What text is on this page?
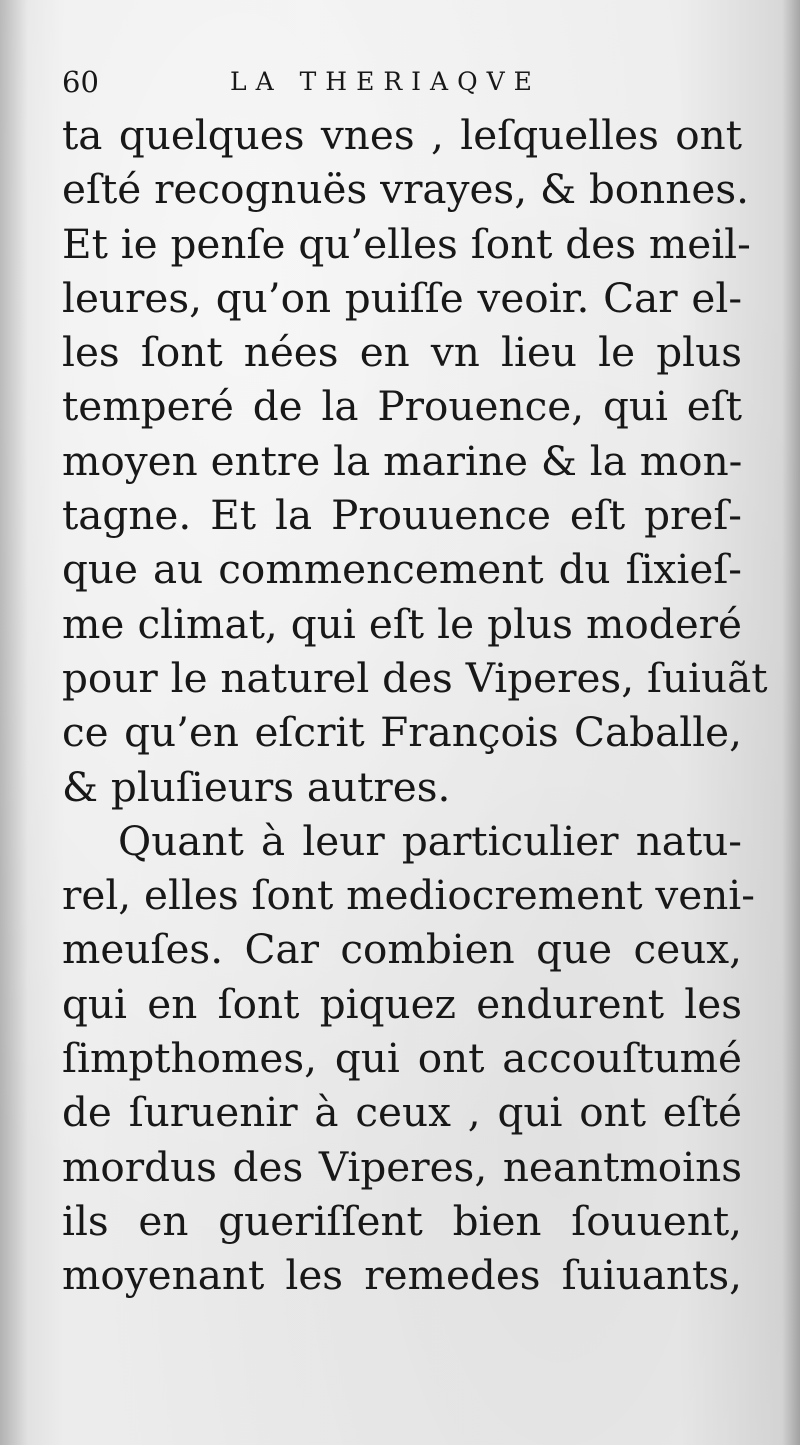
60	LA THERIAQVE
ta quelques vnes , leſquelles ont
eſté recognuës vrayes, & bonnes.
Et ie penſe qu’elles ſont des meil-
leures, qu’on puiſſe veoir. Car el-
les ſont nées en vn lieu le plus
temperé de la Prouence, qui eſt
moyen entre la marine & la mon-
tagne. Et la Prouuence eſt preſ-
que au commencement du ſixieſ-
me climat, qui eſt le plus moderé
pour le naturel des Viperes, ſuiuãt
ce qu’en eſcrit François Caballe,
& pluſieurs autres.
Quant à leur particulier natu-
rel, elles ſont mediocrement veni-
meuſes. Car combien que ceux,
qui en ſont piquez endurent les
ſimpthomes, qui ont accouſtumé
de ſuruenir à ceux , qui ont eſté
mordus des Viperes, neantmoins
ils en gueriſſent bien ſouuent,
moyenant les remedes ſuiuants,
